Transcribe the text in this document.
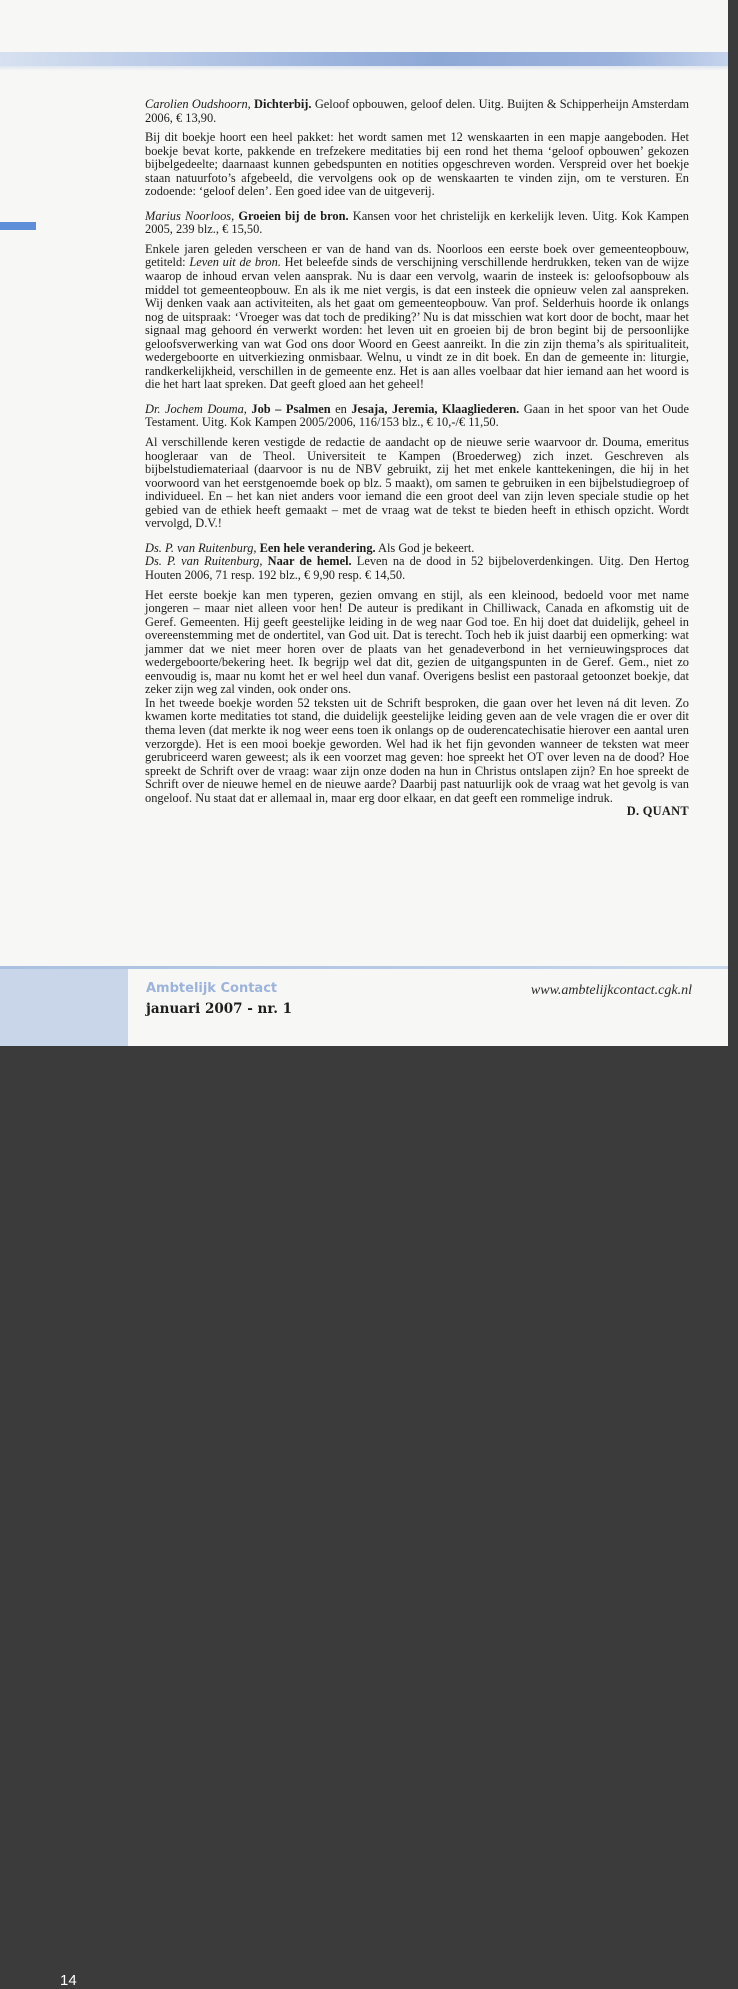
Carolien Oudshoorn, Dichterbij. Geloof opbouwen, geloof delen. Uitg. Buijten & Schipperheijn Amsterdam 2006, € 13,90.

Bij dit boekje hoort een heel pakket: het wordt samen met 12 wenskaarten in een mapje aangeboden. Het boekje bevat korte, pakkende en trefzekere meditaties bij een rond het thema ‘geloof opbouwen’ gekozen bijbelgedeelte; daarnaast kunnen gebedspunten en notities opgeschreven worden. Verspreid over het boekje staan natuurfoto’s afgebeeld, die vervolgens ook op de wenskaarten te vinden zijn, om te versturen. En zodoende: ‘geloof delen’. Een goed idee van de uitgeverij.

Marius Noorloos, Groeien bij de bron. Kansen voor het christelijk en kerkelijk leven. Uitg. Kok Kampen 2005, 239 blz., € 15,50.

Enkele jaren geleden verscheen er van de hand van ds. Noorloos een eerste boek over gemeenteopbouw, getiteld: Leven uit de bron. Het beleefde sinds de verschijning verschillende herdrukken, teken van de wijze waarop de inhoud ervan velen aansprak. Nu is daar een vervolg, waarin de insteek is: geloofsopbouw als middel tot gemeenteopbouw. En als ik me niet vergis, is dat een insteek die opnieuw velen zal aanspreken. Wij denken vaak aan activiteiten, als het gaat om gemeenteopbouw. Van prof. Selderhuis hoorde ik onlangs nog de uitspraak: ‘Vroeger was dat toch de prediking?’ Nu is dat misschien wat kort door de bocht, maar het signaal mag gehoord én verwerkt worden: het leven uit en groeien bij de bron begint bij de persoonlijke geloofsverwerking van wat God ons door Woord en Geest aanreikt. In die zin zijn thema’s als spiritualiteit, wedergeboorte en uitverkiezing onmisbaar. Welnu, u vindt ze in dit boek. En dan de gemeente in: liturgie, randkerkelijkheid, verschillen in de gemeente enz. Het is aan alles voelbaar dat hier iemand aan het woord is die het hart laat spreken. Dat geeft gloed aan het geheel!

Dr. Jochem Douma, Job – Psalmen en Jesaja, Jeremia, Klaagliederen. Gaan in het spoor van het Oude Testament. Uitg. Kok Kampen 2005/2006, 116/153 blz., € 10,-/€ 11,50.

Al verschillende keren vestigde de redactie de aandacht op de nieuwe serie waarvoor dr. Douma, emeritus hoogleraar van de Theol. Universiteit te Kampen (Broederweg) zich inzet. Geschreven als bijbelstudiemateriaal (daarvoor is nu de NBV gebruikt, zij het met enkele kanttekeningen, die hij in het voorwoord van het eerstgenoemde boek op blz. 5 maakt), om samen te gebruiken in een bijbelstudiegroep of individueel. En – het kan niet anders voor iemand die een groot deel van zijn leven speciale studie op het gebied van de ethiek heeft gemaakt – met de vraag wat de tekst te bieden heeft in ethisch opzicht. Wordt vervolgd, D.V.!

Ds. P. van Ruitenburg, Een hele verandering. Als God je bekeert.

Ds. P. van Ruitenburg, Naar de hemel. Leven na de dood in 52 bijbeloverdenkingen. Uitg. Den Hertog Houten 2006, 71 resp. 192 blz., € 9,90 resp. € 14,50.

Het eerste boekje kan men typeren, gezien omvang en stijl, als een kleinood, bedoeld voor met name jongeren – maar niet alleen voor hen! De auteur is predikant in Chilliwack, Canada en afkomstig uit de Geref. Gemeenten. Hij geeft geestelijke leiding in de weg naar God toe. En hij doet dat duidelijk, geheel in overeenstemming met de ondertitel, van God uit. Dat is terecht. Toch heb ik juist daarbij een opmerking: wat jammer dat we niet meer horen over de plaats van het genadeverbond in het vernieuwingsproces dat wedergeboorte/bekering heet. Ik begrijp wel dat dit, gezien de uitgangspunten in de Geref. Gem., niet zo eenvoudig is, maar nu komt het er wel heel dun vanaf. Overigens beslist een pastoraal getoonzet boekje, dat zeker zijn weg zal vinden, ook onder ons.

In het tweede boekje worden 52 teksten uit de Schrift besproken, die gaan over het leven ná dit leven. Zo kwamen korte meditaties tot stand, die duidelijk geestelijke leiding geven aan de vele vragen die er over dit thema leven (dat merkte ik nog weer eens toen ik onlangs op de ouderencatechisatie hierover een aantal uren verzorgde). Het is een mooi boekje geworden. Wel had ik het fijn gevonden wanneer de teksten wat meer gerubriceerd waren geweest; als ik een voorzet mag geven: hoe spreekt het OT over leven na de dood? Hoe spreekt de Schrift over de vraag: waar zijn onze doden na hun in Christus ontslapen zijn? En hoe spreekt de Schrift over de nieuwe hemel en de nieuwe aarde? Daarbij past natuurlijk ook de vraag wat het gevolg is van ongeloof. Nu staat dat er allemaal in, maar erg door elkaar, en dat geeft een rommelige indruk.

D. QUANT

14
Ambtelijk Contact
januari 2007 - nr. 1
www.ambtelijkcontact.cgk.nl
